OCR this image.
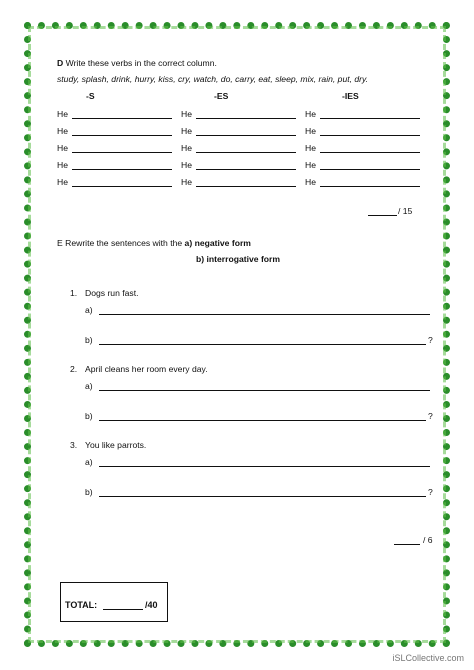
D Write these verbs in the correct column.
study, splash, drink, hurry, kiss, cry, watch, do, carry, eat, sleep, mix, rain, put, dry.
-S	-ES	-IES
He	He	He
He	He	He
He	He	He
He	He	He
He	He	He
/ 15
E Rewrite the sentences with the a) negative form
b) interrogative form
1. Dogs run fast.
a)
b)	?
2. April cleans her room every day.
a)
b)	?
3. You like parrots.
a)
b)	?
/ 6
TOTAL:	/40
iSLCollective.com
